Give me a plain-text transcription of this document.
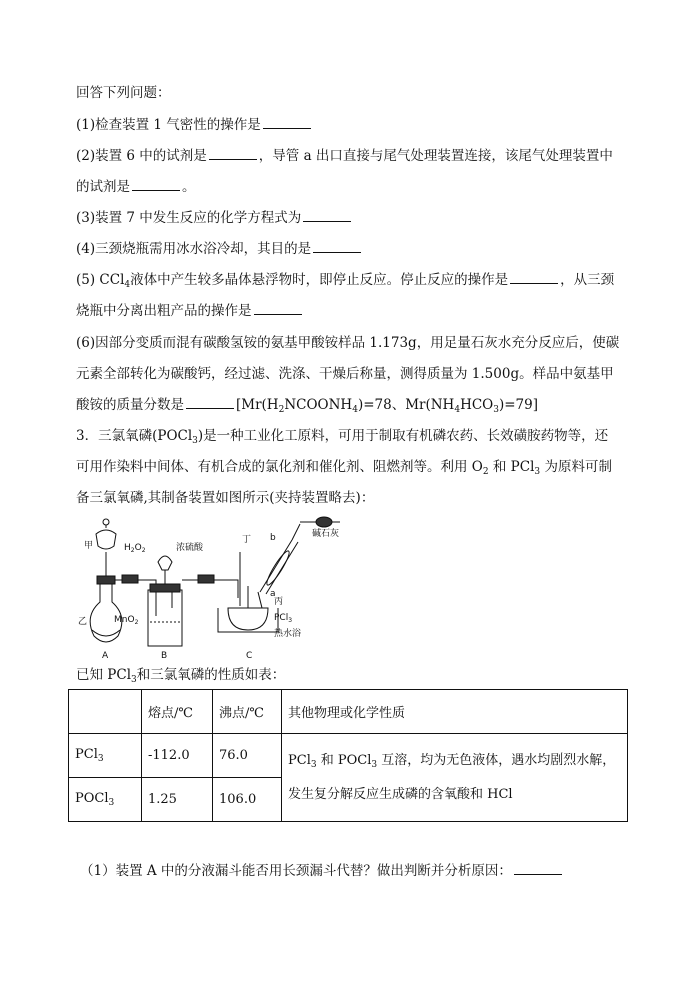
回答下列问题：
(1)检查装置 1 气密性的操作是
(2)装置 6 中的试剂是	，导管 a 出口直接与尾气处理装置连接，该尾气处理装置中
的试剂是	。
(3)装置 7 中发生反应的化学方程式为
(4)三颈烧瓶需用冰水浴冷却，其目的是
(5) CCl$_4$液体中产生较多晶体悬浮物时，即停止反应。停止反应的操作是	，从三颈
烧瓶中分离出粗产品的操作是
(6)因部分变质而混有碳酸氢铵的氨基甲酸铵样品 1.173g，用足量石灰水充分反应后，使碳
元素全部转化为碳酸钙，经过滤、洗涤、干燥后称量，测得质量为 1.500g。样品中氨基甲
酸铵的质量分数是	[$Mr(H_2NCOONH_4)=78$、$Mr(NH_4HCO_3)=79$]
3．三氯氧磷(POCl$_3$)是一种工业化工原料，可用于制取有机磷农药、长效磺胺药物等，还
可用作染料中间体、有机合成的氯化剂和催化剂、阻燃剂等。利用 $O_2$ 和 PCl$_3$ 为原料可制
备三氯氧磷,其制备装置如图所示(夹持装置略去)：
甲	$H_2O_2$	浓硫酸
丁 b	碱石灰
a
丙
PCl$_3$
热水浴
乙	MnO$_2$
A	B	C
已知 PCl$_3$和三氯氧磷的性质如表：
	熔点/℃	沸点/℃	其他物理或化学性质
PCl$_3$	-112.0	76.0	PCl$_3$ 和 POCl$_3$ 互溶，均为无色液体，遇水均剧烈水解，
发生复分解反应生成磷的含氧酸和 HCl

POCl$_3$	1.25	106.0	
（1）装置 A 中的分液漏斗能否用长颈漏斗代替？做出判断并分析原因：
